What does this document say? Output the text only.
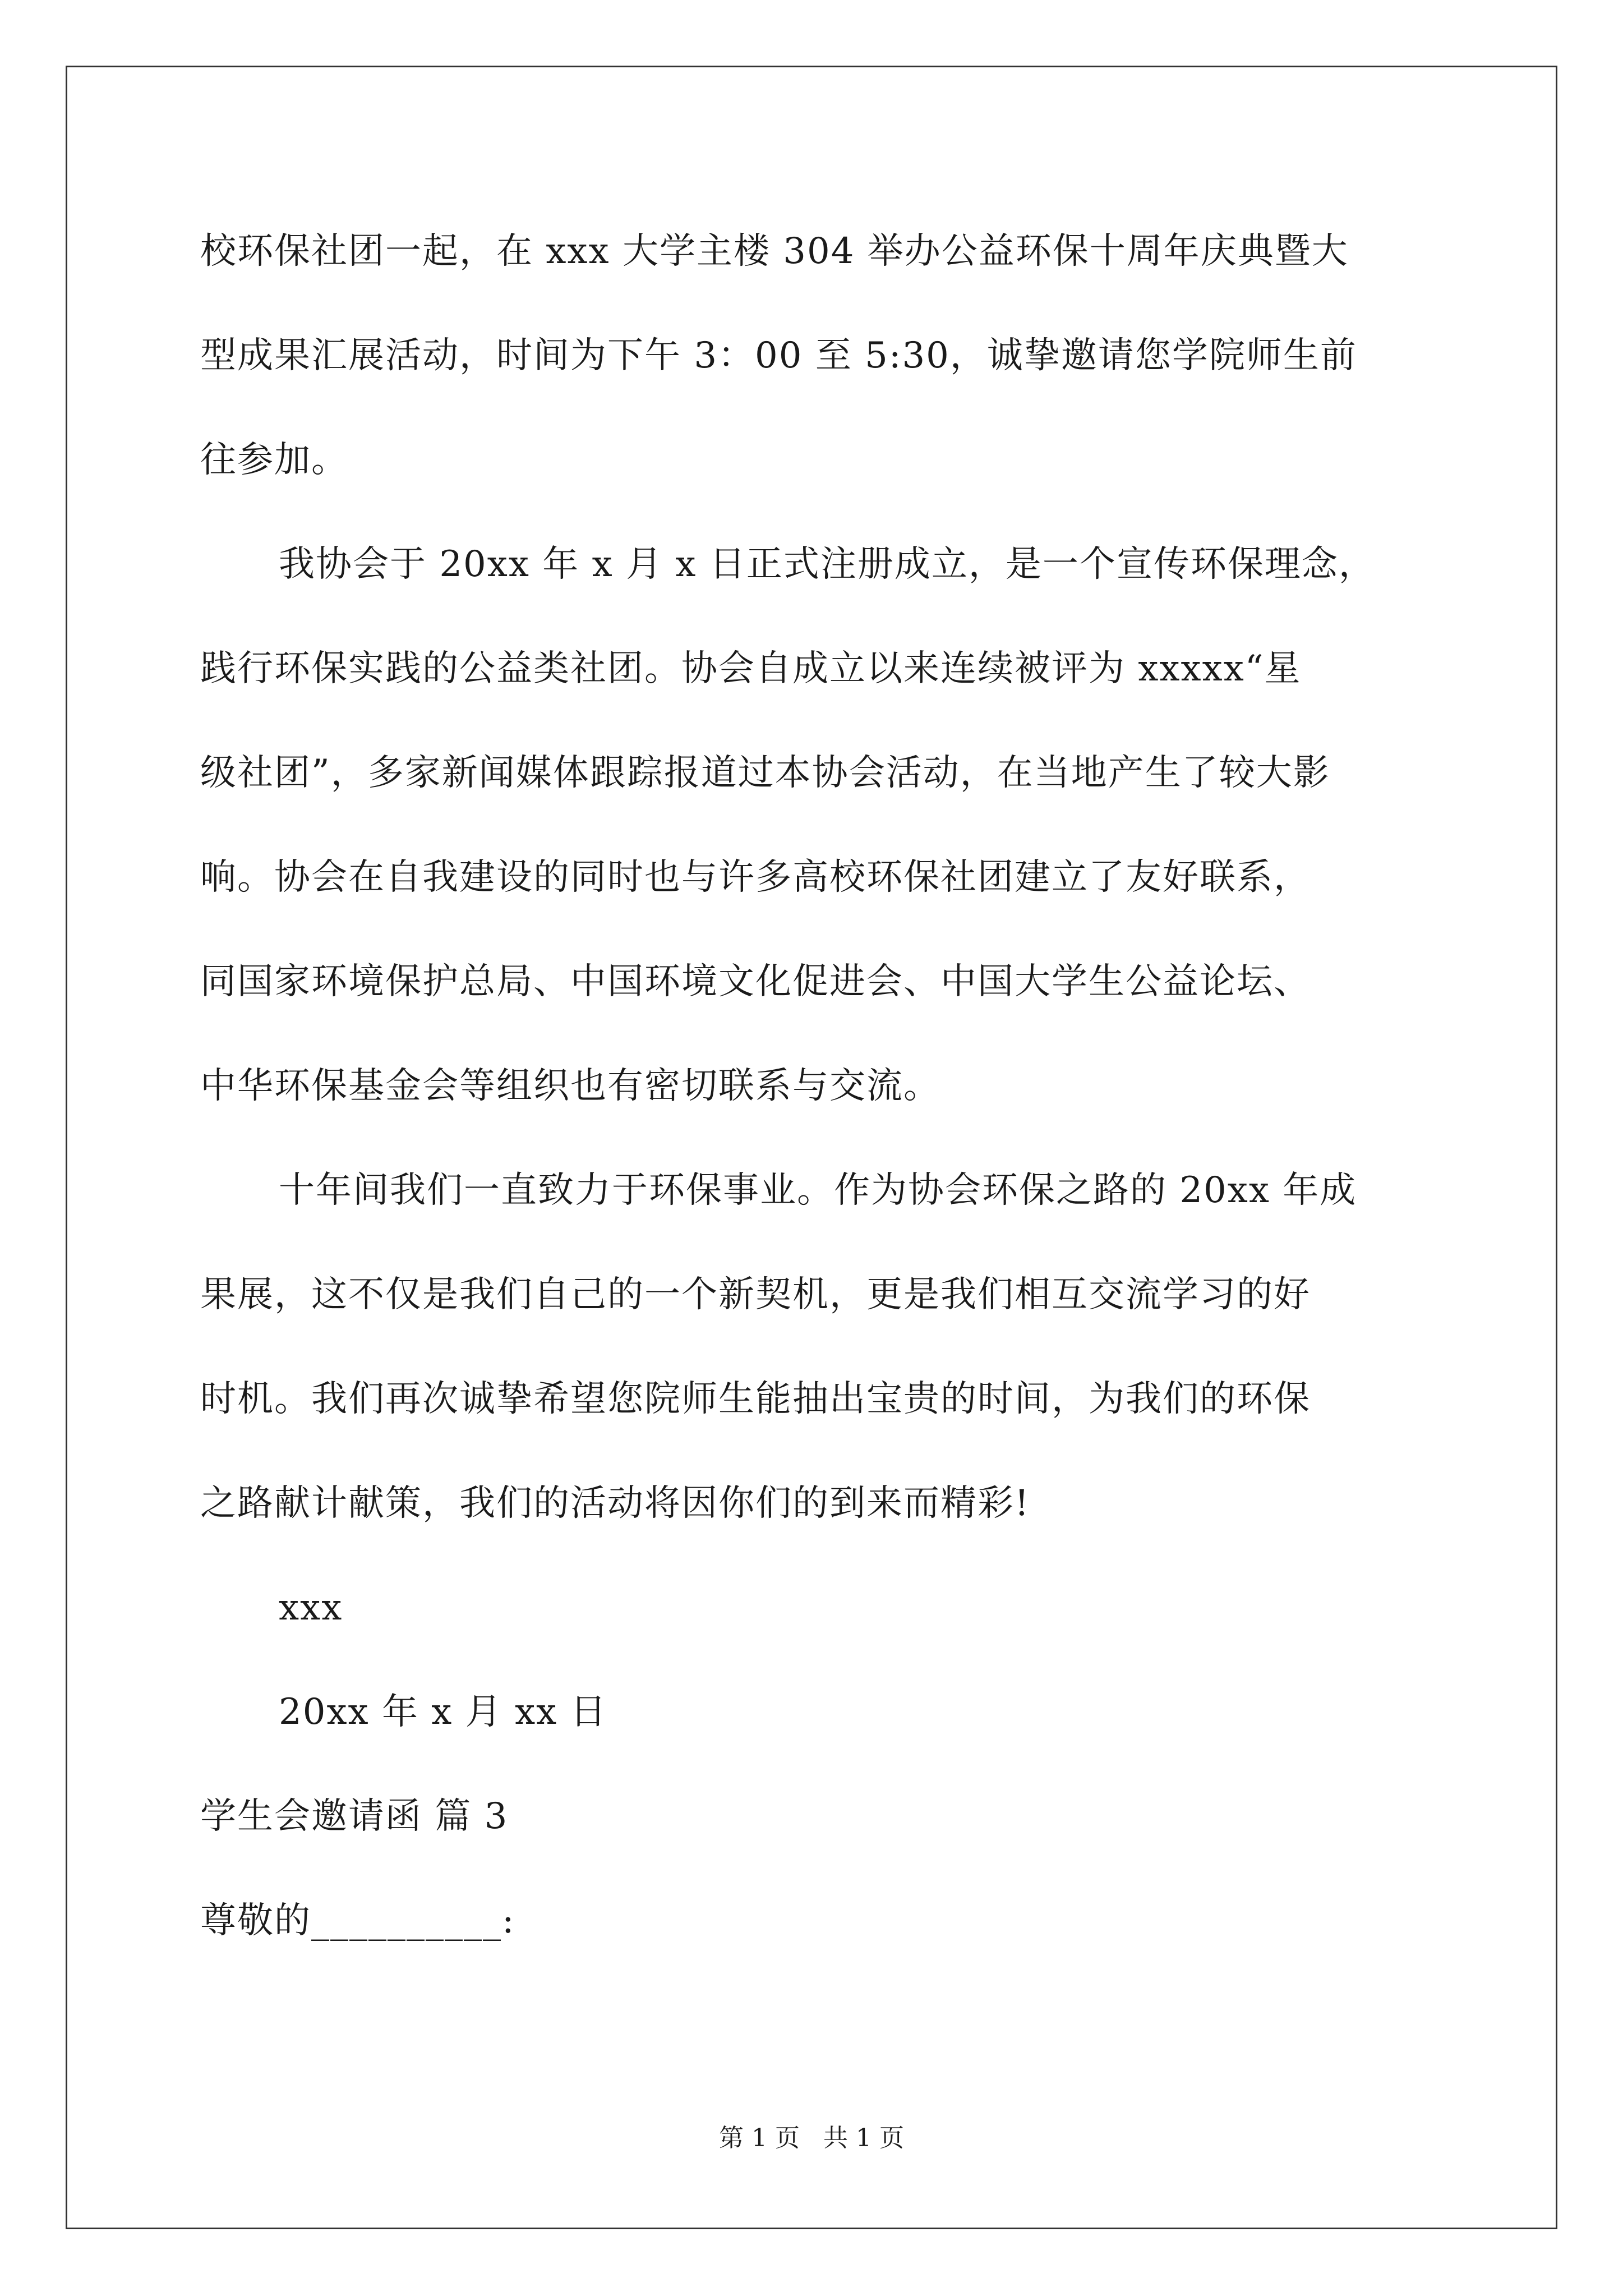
校环保社团一起，在 xxx 大学主楼 304 举办公益环保十周年庆典暨大
型成果汇展活动，时间为下午 3：00 至 5:30，诚挚邀请您学院师生前
往参加。
我协会于 20xx 年 x 月 x 日正式注册成立，是一个宣传环保理念，
践行环保实践的公益类社团。协会自成立以来连续被评为 xxxxx“星
级社团”，多家新闻媒体跟踪报道过本协会活动，在当地产生了较大影
响。协会在自我建设的同时也与许多高校环保社团建立了友好联系，
同国家环境保护总局、中国环境文化促进会、中国大学生公益论坛、
中华环保基金会等组织也有密切联系与交流。
十年间我们一直致力于环保事业。作为协会环保之路的 20xx 年成
果展，这不仅是我们自己的一个新契机，更是我们相互交流学习的好
时机。我们再次诚挚希望您院师生能抽出宝贵的时间，为我们的环保
之路献计献策，我们的活动将因你们的到来而精彩!
xxx
20xx 年 x 月 xx 日
学生会邀请函 篇 3
尊敬的__________:
第 1 页   共 1 页
